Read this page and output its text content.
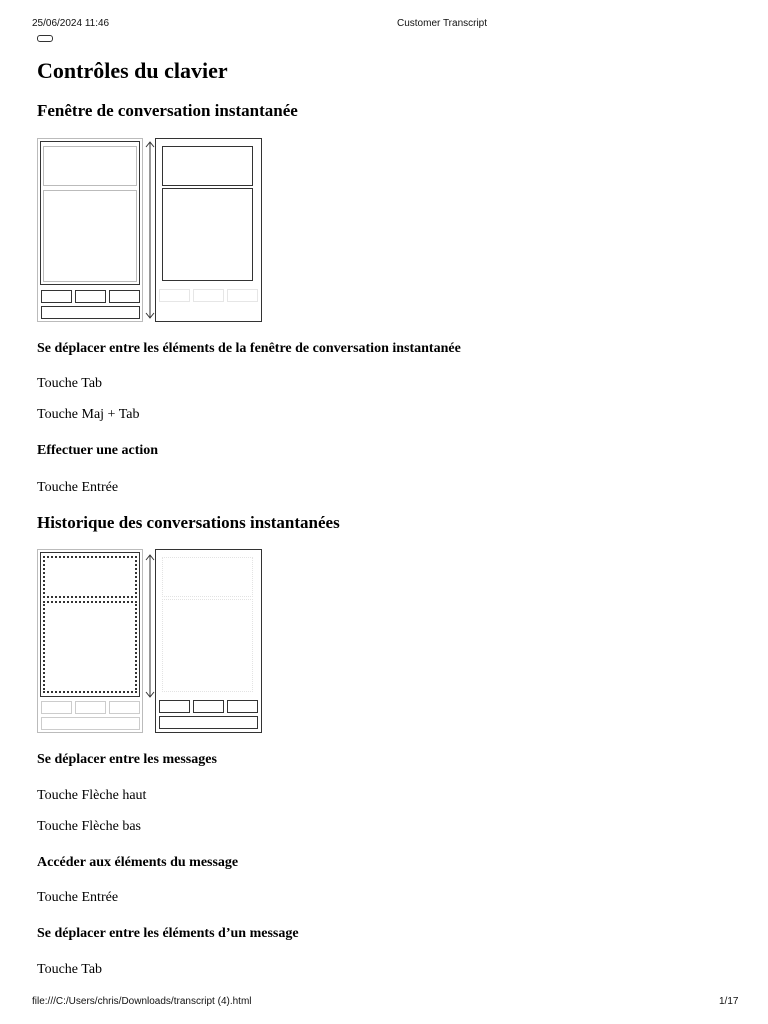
25/06/2024 11:46	Customer Transcript
Contrôles du clavier
Fenêtre de conversation instantanée
Se déplacer entre les éléments de la fenêtre de conversation instantanée

Touche Tab

Touche Maj + Tab

Effectuer une action

Touche Entrée

Historique des conversations instantanées
Se déplacer entre les messages

Touche Flèche haut

Touche Flèche bas

Accéder aux éléments du message

Touche Entrée

Se déplacer entre les éléments d’un message

Touche Tab

file:///C:/Users/chris/Downloads/transcript (4).html	1/17
